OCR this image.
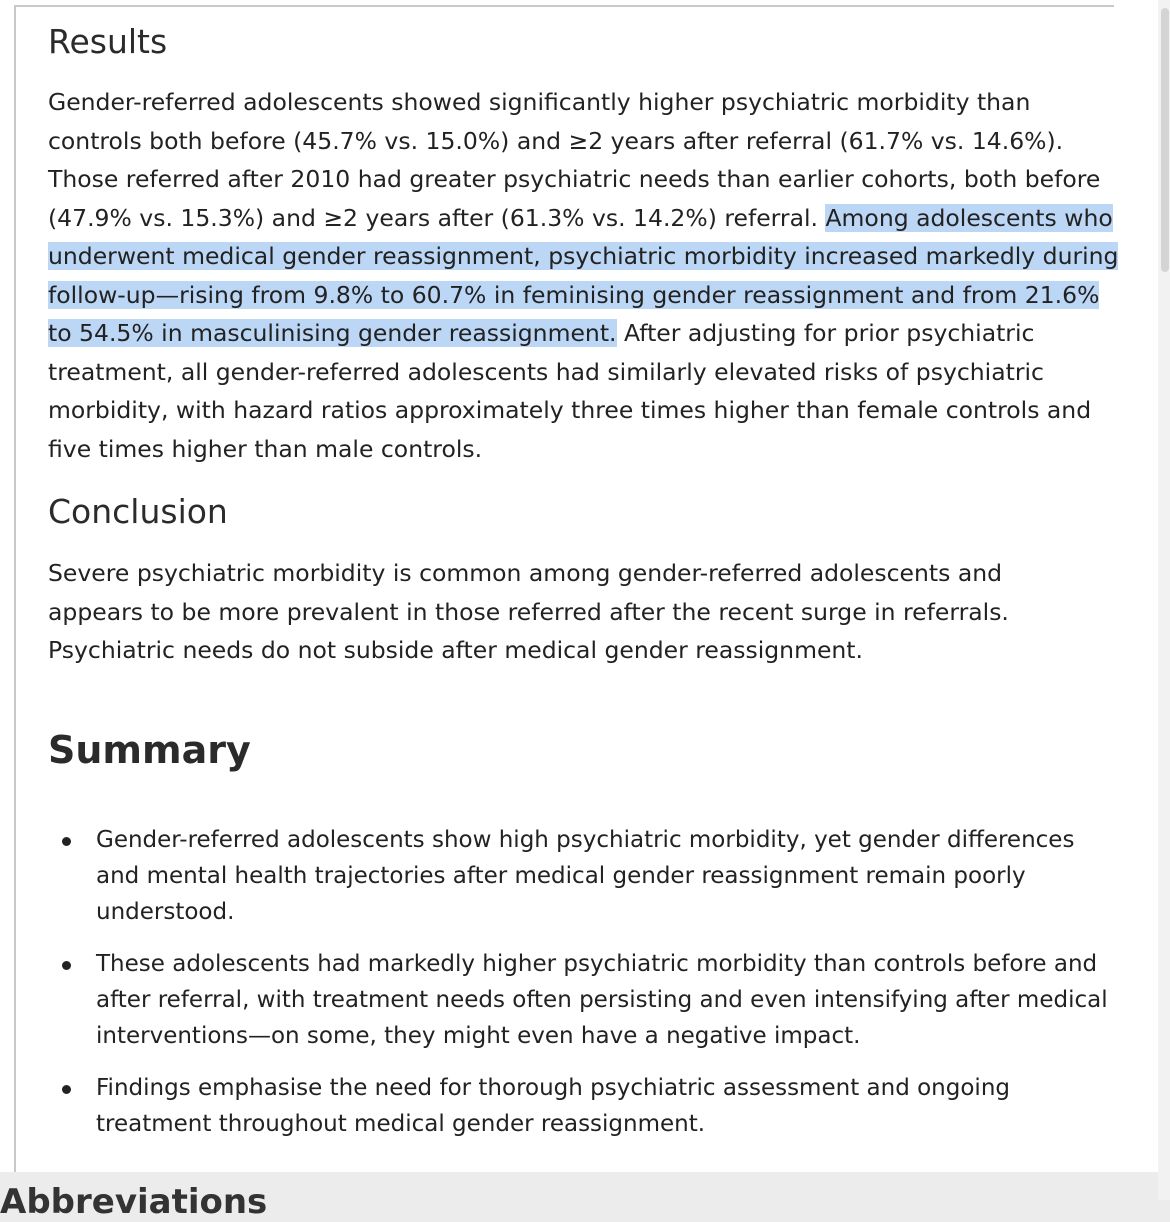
Results

Gender-referred adolescents showed significantly higher psychiatric morbidity than controls both before (45.7% vs. 15.0%) and ≥2 years after referral (61.7% vs. 14.6%). Those referred after 2010 had greater psychiatric needs than earlier cohorts, both before (47.9% vs. 15.3%) and ≥2 years after (61.3% vs. 14.2%) referral. Among adolescents who underwent medical gender reassignment, psychiatric morbidity increased markedly during follow-up—rising from 9.8% to 60.7% in feminising gender reassignment and from 21.6% to 54.5% in masculinising gender reassignment. After adjusting for prior psychiatric treatment, all gender-referred adolescents had similarly elevated risks of psychiatric morbidity, with hazard ratios approximately three times higher than female controls and five times higher than male controls.

Conclusion

Severe psychiatric morbidity is common among gender-referred adolescents and appears to be more prevalent in those referred after the recent surge in referrals. Psychiatric needs do not subside after medical gender reassignment.

Summary
Gender-referred adolescents show high psychiatric morbidity, yet gender differences and mental health trajectories after medical gender reassignment remain poorly understood.
These adolescents had markedly higher psychiatric morbidity than controls before and after referral, with treatment needs often persisting and even intensifying after medical interventions—on some, they might even have a negative impact.
Findings emphasise the need for thorough psychiatric assessment and ongoing treatment throughout medical gender reassignment.
Abbreviations
